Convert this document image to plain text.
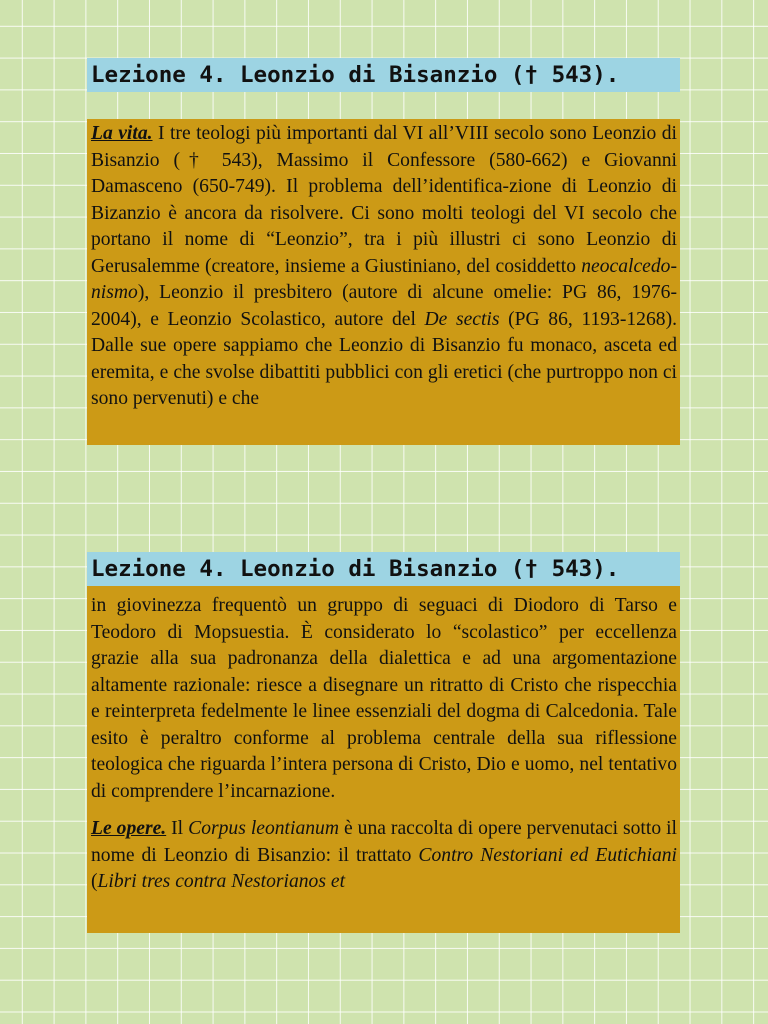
Lezione 4. Leonzio di Bisanzio († 543).

La vita. I tre teologi più importanti dal VI all’VIII secolo sono Leonzio di Bisanzio († 543), Massimo il Confessore (580-662) e Giovanni Damasceno (650-749). Il problema dell’identifica-zione di Leonzio di Bizanzio è ancora da risolvere. Ci sono molti teologi del VI secolo che portano il nome di “Leonzio”, tra i più illustri ci sono Leonzio di Gerusalemme (creatore, insieme a Giustiniano, del cosiddetto neocalcedo-nismo), Leonzio il presbitero (autore di alcune omelie: PG 86, 1976-2004), e Leonzio Scolastico, autore del De sectis (PG 86, 1193-1268). Dalle sue opere sappiamo che Leonzio di Bisanzio fu monaco, asceta ed eremita, e che svolse dibattiti pubblici con gli eretici (che purtroppo non ci sono pervenuti) e che

Lezione 4. Leonzio di Bisanzio († 543).

in giovinezza frequentò un gruppo di seguaci di Diodoro di Tarso e Teodoro di Mopsuestia. È considerato lo “scolastico” per eccellenza grazie alla sua padronanza della dialettica e ad una argomentazione altamente razionale: riesce a disegnare un ritratto di Cristo che rispecchia e reinterpreta fedelmente le linee essenziali del dogma di Calcedonia. Tale esito è peraltro conforme al problema centrale della sua riflessione teologica che riguarda l’intera persona di Cristo, Dio e uomo, nel tentativo di comprendere l’incarnazione.

Le opere. Il Corpus leontianum è una raccolta di opere pervenutaci sotto il nome di Leonzio di Bisanzio: il trattato Contro Nestoriani ed Eutichiani (Libri tres contra Nestorianos et
